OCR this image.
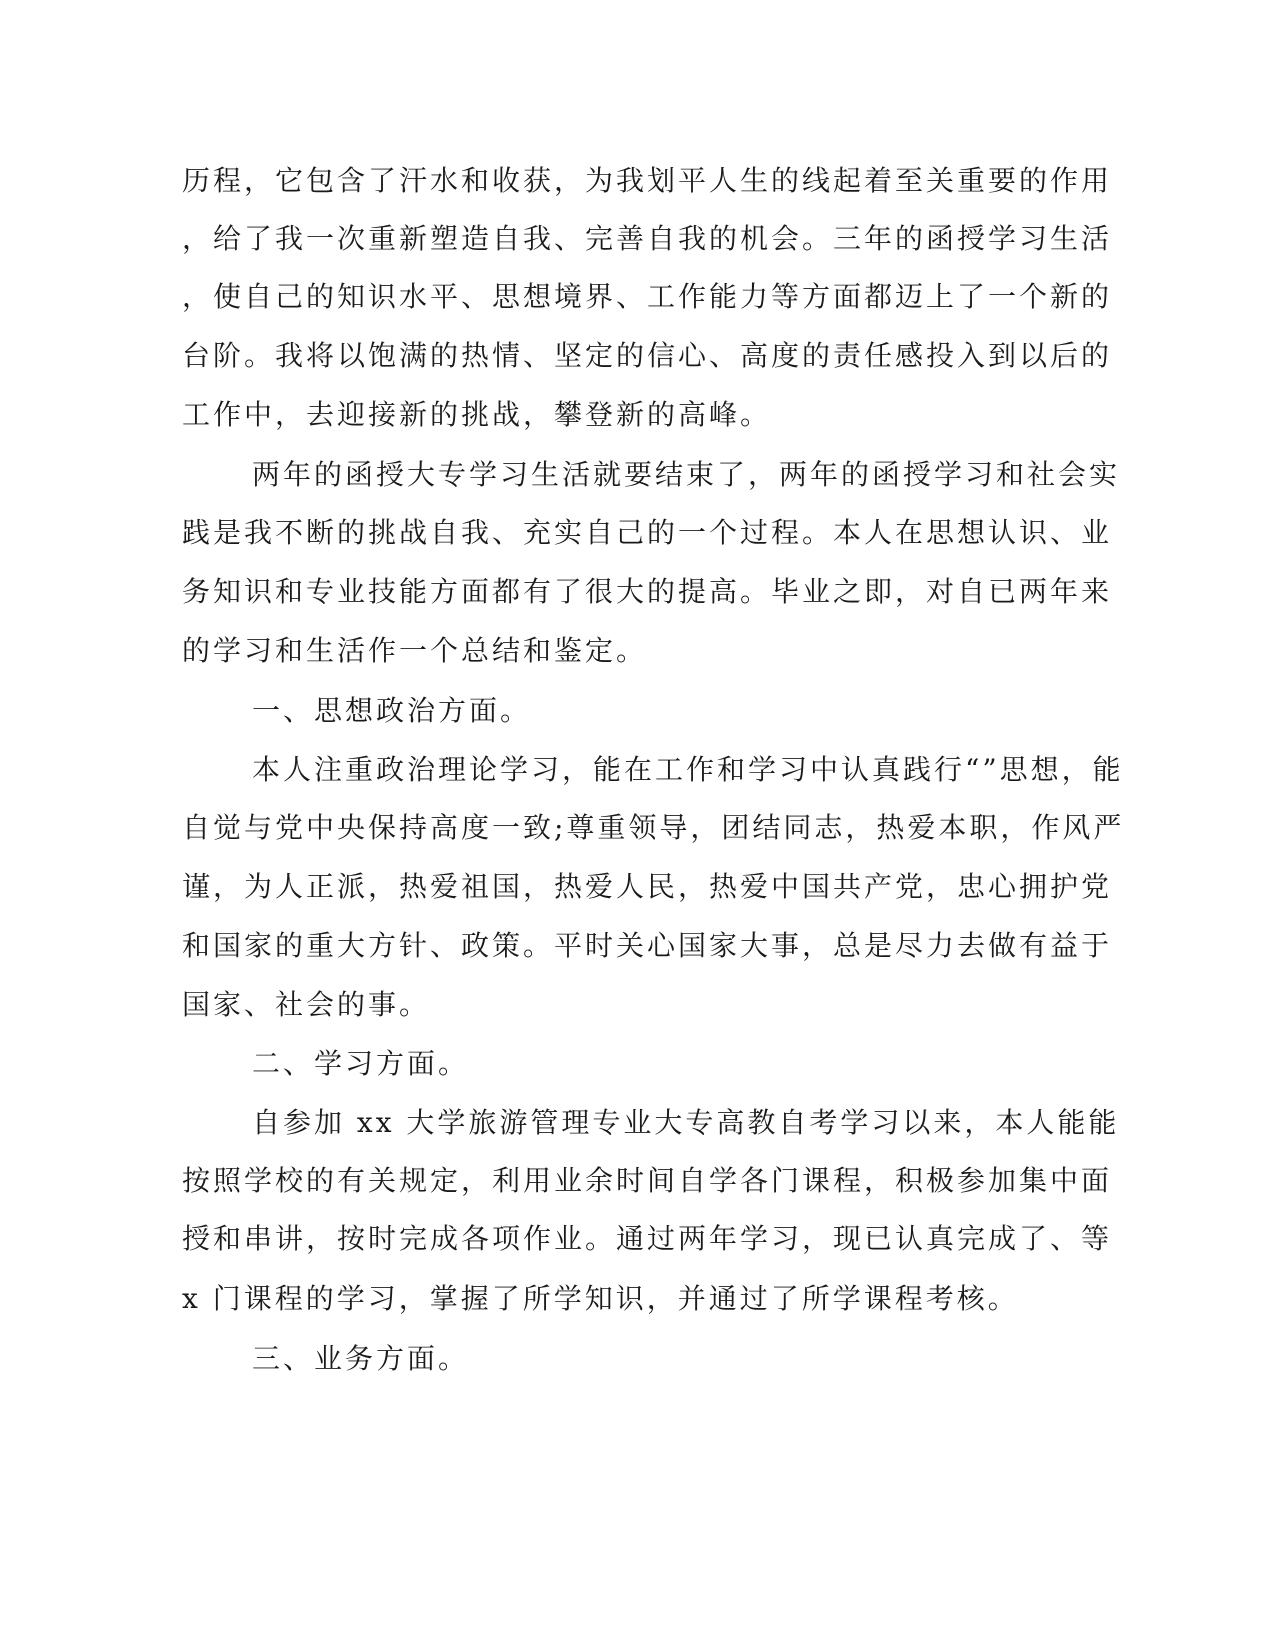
历程，它包含了汗水和收获，为我划平人生的线起着至关重要的作用

，给了我一次重新塑造自我、完善自我的机会。三年的函授学习生活

，使自己的知识水平、思想境界、工作能力等方面都迈上了一个新的

台阶。我将以饱满的热情、坚定的信心、高度的责任感投入到以后的

工作中，去迎接新的挑战，攀登新的高峰。

两年的函授大专学习生活就要结束了，两年的函授学习和社会实

践是我不断的挑战自我、充实自己的一个过程。本人在思想认识、业

务知识和专业技能方面都有了很大的提高。毕业之即，对自已两年来

的学习和生活作一个总结和鉴定。

一、思想政治方面。

本人注重政治理论学习，能在工作和学习中认真践行“”思想，能

自觉与党中央保持高度一致;尊重领导，团结同志，热爱本职，作风严

谨，为人正派，热爱祖国，热爱人民，热爱中国共产党，忠心拥护党

和国家的重大方针、政策。平时关心国家大事，总是尽力去做有益于

国家、社会的事。

二、学习方面。

自参加 xx 大学旅游管理专业大专高教自考学习以来，本人能能

按照学校的有关规定，利用业余时间自学各门课程，积极参加集中面

授和串讲，按时完成各项作业。通过两年学习，现已认真完成了、等

x 门课程的学习，掌握了所学知识，并通过了所学课程考核。

三、业务方面。
